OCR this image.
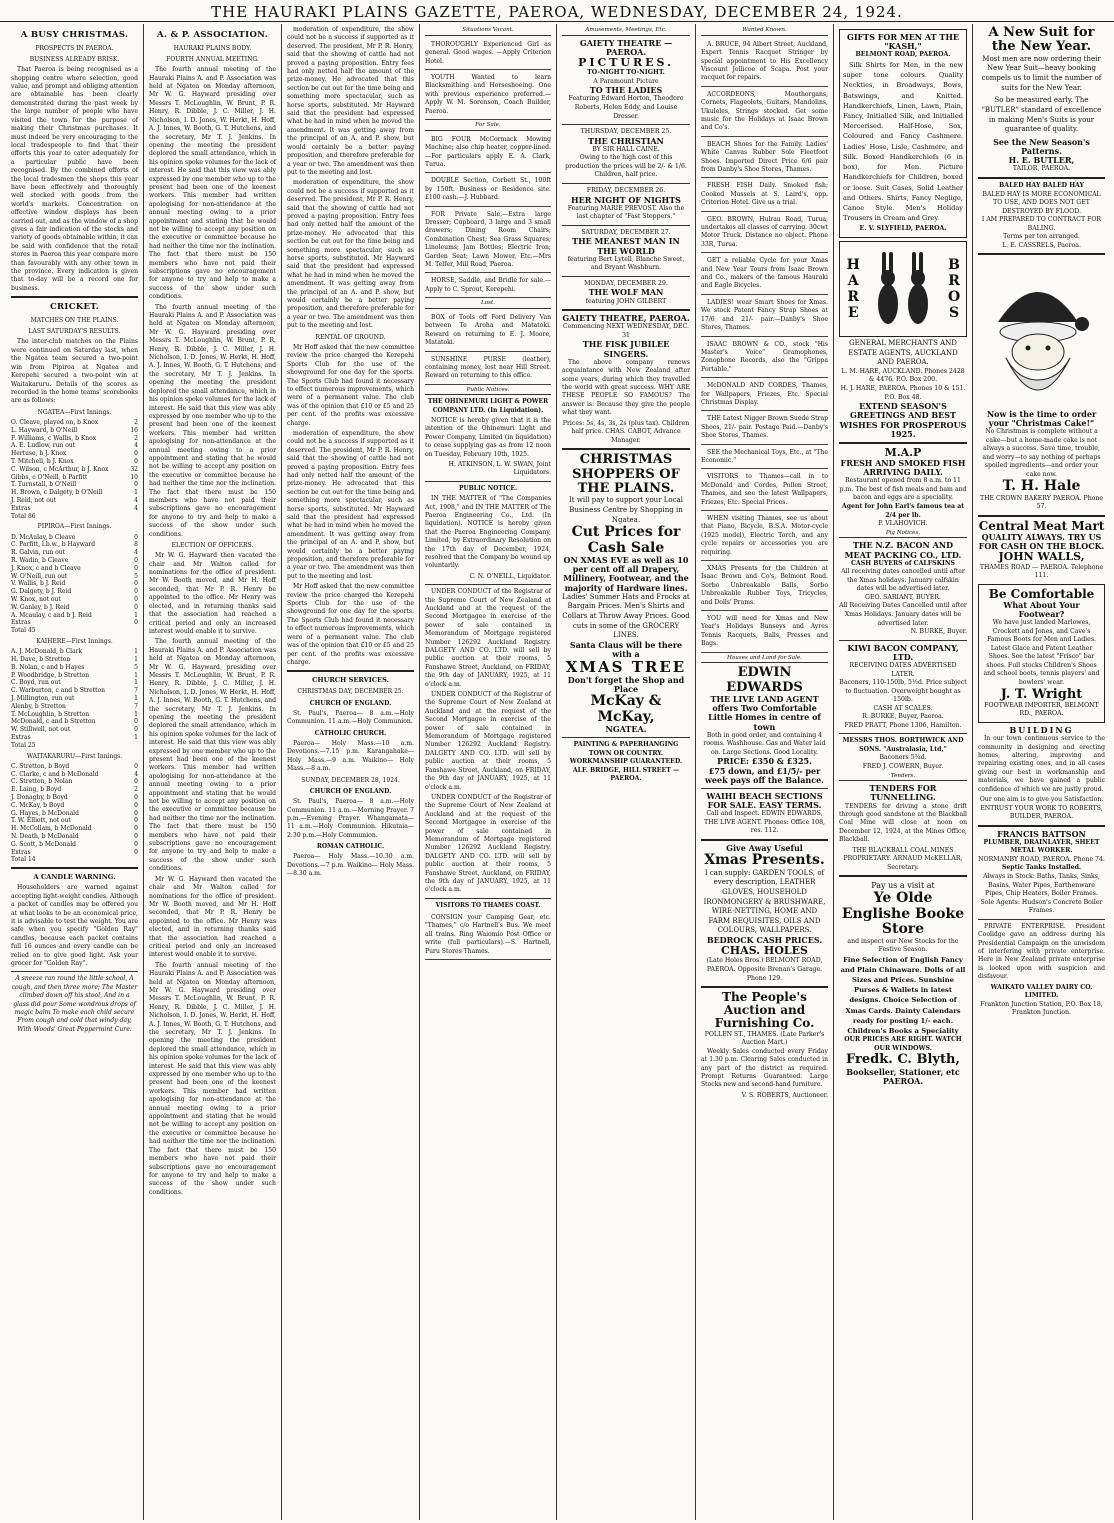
THE HAURAKI PLAINS GAZETTE, PAEROA, WEDNESDAY, DECEMBER 24, 1924.
A BUSY CHRISTMAS.
PROSPECTS IN PAEROA.
BUSINESS ALREADY BRISK.

That Paeroa is being recognised as a shopping centre where selection, good value, and prompt and obliging attention are obtainable has been clearly demonstrated during the past week by the large number of people who have visited the town for the purpose of making their Christmas purchases. It must indeed be very encouraging to the local tradespeople to find that their efforts this year to cater adequately for a particular public have been recognised. By the combined efforts of the local tradesmen the shops this year have been effectively and thoroughly well stocked with goods from the world's markets. Concentration on effective window displays has been carried out, and as the window of a shop gives a fair indication of the stocks and variety of goods obtainable within, it can be said with confidence that the retail stores in Paeroa this year compare more than favourably with any other town in the province. Every indication is given that to-day will be a record one for business.

CRICKET.
MATCHES ON THE PLAINS.
LAST SATURDAY'S RESULTS.

The inter-club matches on the Plains were continued on Saturday last, when the Ngatea team secured a two-point win from Pipiroa at Ngatea and Kerepehi secured a two-point win at Waitakaruru. Details of the scores as recorded in the home teams' scorebooks are as follows:

NGATEA—First Innings.
O. Cleave, played on, b Knox	2
L. Hayward, b O'Neill	16
F. Williams, c Wallis, b Knox	2
A. E. Ludlow, run out	4
Hertuse, b J. Knox	0
T. Mitchell, b J. Knox	0
C. Wilson, c McArthur, b J. Knox	32
Gibbs, c O'Neill, b Parfitt	10
T. Turnstall, b O'Neill	0
H. Brown, c Dalgety, b O'Neill	1
J. Reid, not out	4
Extras	4
Total 86
PIPIROA—First Innings.
D. McAulay, b Cleave	0
C. Parfitt, l.b.w., b Hayward	8
R. Galvin, run out	4
R. Wadin, b Cleave	0
J. Knox, c and b Cleave	0
W. O'Neill, run out	5
V. Wallis, b J. Reid	0
G. Dalgety, b J. Reid	0
W. Knox, not out	0
W. Ganley, b J. Reid	0
A. Mcaulay, c and b J. Reid	1
Extras	0
Total 45
KAIHERE—First Innings.
A. J. McDonald, b Clark	1
H. Dave, b Stretton	1
B. Nolan, c and b Hayes	5
P. Woodbridge, b Stretton	1
C. Boyd, run out	1
C. Warburton, c and b Stretton	7
J. Millington, run out	1
Alenby, b Stretton	7
T. McLoughlin, b Stretton	1
McDonald, c and b Stretton	0
W. Stillwell, not out	0
Extras	1
Total 25
WAITAKARURU—First Innings.
C. Stretton, b Boyd	0
C. Clarke, c and b McDonald	4
C. Stretton, b Nolan	0
E. Laing, b Boyd	2
J. Donaghy, b Boyd	0
C. McKay, b Boyd	0
G. Hayes, b McDonald	0
T. W. Elliott, not out	0
H. McCollam, b McDonald	0
N. Death, b McDonald	0
G. Scott, b McDonald	0
Extras	0
Total 14
A CANDLE WARNING.

Householders are warned against accepting light-weight candles. Although a packet of candles may be offered you at what looks to be an economical price, it is advisable to test the weight. You are safe when you specify "Golden Ray" candles, because each packet contains full 16 ounces and every candle can be relied on to give good light. Ask your grocer for "Golden Ray".

A sneeze ran round the little school, A cough, and then three more; The Master climbed down off his stool, And in a glass did pour Some wondrous drops of magic balm To make each child secure From cough and cold that windy day, With Woods' Great Peppermint Cure.

A. & P. ASSOCIATION.
HAURAKI PLAINS BODY.
FOURTH ANNUAL MEETING.

The fourth annual meeting of the Hauraki Plains A. and P. Association was held at Ngatea on Monday afternoon, Mr W. G. Hayward presiding over Messrs T. McLoughlin, W. Brunt, P. R. Henry, R. Dibble, J. C. Miller, J. H. Nicholson, I. D. Jones, W. Herkt, H. Hoff, A. J. Innes, W. Booth, G. T. Hutchens, and the secretary, Mr T. J. Jenkins. In opening the meeting the president deplored the small attendance, which in his opinion spoke volumes for the lack of interest. He said that this view was ably expressed by one member who up to the present had been one of the keenest workers. This member had written apologising for non-attendance at the annual meeting owing to a prior appointment and stating that he would not be willing to accept any position on the executive or committee because he had neither the time nor the inclination. The fact that there must be 150 members who have not paid their subscriptions gave no encouragement for anyone to try and help to make a success of the show under such conditions.

The fourth annual meeting of the Hauraki Plains A. and P. Association was held at Ngatea on Monday afternoon, Mr W. G. Hayward presiding over Messrs T. McLoughlin, W. Brunt, P. R. Henry, R. Dibble, J. C. Miller, J. H. Nicholson, I. D. Jones, W. Herkt, H. Hoff, A. J. Innes, W. Booth, G. T. Hutchens, and the secretary, Mr T. J. Jenkins. In opening the meeting the president deplored the small attendance, which in his opinion spoke volumes for the lack of interest. He said that this view was ably expressed by one member who up to the present had been one of the keenest workers. This member had written apologising for non-attendance at the annual meeting owing to a prior appointment and stating that he would not be willing to accept any position on the executive or committee because he had neither the time nor the inclination. The fact that there must be 150 members who have not paid their subscriptions gave no encouragement for anyone to try and help to make a success of the show under such conditions.

ELECTION OF OFFICERS.

Mr W. G. Hayward then vacated the chair and Mr Walton called for nominations for the office of president. Mr W. Booth moved, and Mr H. Hoff seconded, that Mr P. R. Henry be appointed to the office. Mr Henry was elected, and in returning thanks said that the association had reached a critical period and only an increased interest would enable it to survive.

The fourth annual meeting of the Hauraki Plains A. and P. Association was held at Ngatea on Monday afternoon, Mr W. G. Hayward presiding over Messrs T. McLoughlin, W. Brunt, P. R. Henry, R. Dibble, J. C. Miller, J. H. Nicholson, I. D. Jones, W. Herkt, H. Hoff, A. J. Innes, W. Booth, G. T. Hutchens, and the secretary, Mr T. J. Jenkins. In opening the meeting the president deplored the small attendance, which in his opinion spoke volumes for the lack of interest. He said that this view was ably expressed by one member who up to the present had been one of the keenest workers. This member had written apologising for non-attendance at the annual meeting owing to a prior appointment and stating that he would not be willing to accept any position on the executive or committee because he had neither the time nor the inclination. The fact that there must be 150 members who have not paid their subscriptions gave no encouragement for anyone to try and help to make a success of the show under such conditions.

Mr W. G. Hayward then vacated the chair and Mr Walton called for nominations for the office of president. Mr W. Booth moved, and Mr H. Hoff seconded, that Mr P. R. Henry be appointed to the office. Mr Henry was elected, and in returning thanks said that the association had reached a critical period and only an increased interest would enable it to survive.

The fourth annual meeting of the Hauraki Plains A. and P. Association was held at Ngatea on Monday afternoon, Mr W. G. Hayward presiding over Messrs T. McLoughlin, W. Brunt, P. R. Henry, R. Dibble, J. C. Miller, J. H. Nicholson, I. D. Jones, W. Herkt, H. Hoff, A. J. Innes, W. Booth, G. T. Hutchens, and the secretary, Mr T. J. Jenkins. In opening the meeting the president deplored the small attendance, which in his opinion spoke volumes for the lack of interest. He said that this view was ably expressed by one member who up to the present had been one of the keenest workers. This member had written apologising for non-attendance at the annual meeting owing to a prior appointment and stating that he would not be willing to accept any position on the executive or committee because he had neither the time nor the inclination. The fact that there must be 150 members who have not paid their subscriptions gave no encouragement for anyone to try and help to make a success of the show under such conditions.

moderation of expenditure, the show could not be a success if supported as it deserved. The president, Mr P. R. Henry, said that the showing of cattle had not proved a paying proposition. Entry fees had only netted half the amount of the prize-money. He advocated that this section be cut out for the time being and something more spectacular, such as horse sports, substituted. Mr Hayward said that the president had expressed what he had in mind when he moved the amendment. It was getting away from the principal of an A. and P. show, but would certainly be a better paying proposition, and therefore preferable for a year or two. The amendment was then put to the meeting and lost.

moderation of expenditure, the show could not be a success if supported as it deserved. The president, Mr P. R. Henry, said that the showing of cattle had not proved a paying proposition. Entry fees had only netted half the amount of the prize-money. He advocated that this section be cut out for the time being and something more spectacular, such as horse sports, substituted. Mr Hayward said that the president had expressed what he had in mind when he moved the amendment. It was getting away from the principal of an A. and P. show, but would certainly be a better paying proposition, and therefore preferable for a year or two. The amendment was then put to the meeting and lost.

RENTAL OF GROUND.

Mr Hoff asked that the new committee review the price charged the Kerepehi Sports Club for the use of the showground for one day for the sports. The Sports Club had found it necessary to effect numerous improvements, which were of a permanent value. The club was of the opinion that £10 or £5 and 25 per cent. of the profits was excessive charge.

moderation of expenditure, the show could not be a success if supported as it deserved. The president, Mr P. R. Henry, said that the showing of cattle had not proved a paying proposition. Entry fees had only netted half the amount of the prize-money. He advocated that this section be cut out for the time being and something more spectacular, such as horse sports, substituted. Mr Hayward said that the president had expressed what he had in mind when he moved the amendment. It was getting away from the principal of an A. and P. show, but would certainly be a better paying proposition, and therefore preferable for a year or two. The amendment was then put to the meeting and lost.

Mr Hoff asked that the new committee review the price charged the Kerepehi Sports Club for the use of the showground for one day for the sports. The Sports Club had found it necessary to effect numerous improvements, which were of a permanent value. The club was of the opinion that £10 or £5 and 25 per cent. of the profits was excessive charge.

CHURCH SERVICES.
CHRISTMAS DAY, DECEMBER 25.
CHURCH OF ENGLAND.

St. Paul's, Paeroa— 8 a.m.—Holy Communion. 11 a.m.—Holy Communion.

CATHOLIC CHURCH.

Paeroa— Holy Mass.—10 a.m. Devotions.—7.15 p.m. Karangahake— Holy Mass.—9 a.m. Waikino— Holy Mass.—8 a.m.

SUNDAY, DECEMBER 28, 1924.
CHURCH OF ENGLAND.

St. Paul's, Paeroa— 8 a.m.—Holy Communion. 11 a.m.—Morning Prayer. 7 p.m.—Evening Prayer. Whangamata— 11 a.m.—Holy Communion. Hikutaia— 2.30 p.m.—Holy Communion.

ROMAN CATHOLIC.

Paeroa— Holy Mass.—10.30 a.m. Devotions.—7 p.m. Waikino— Holy Mass.—8.30 a.m.

Situations Vacant.

THOROUGHLY Experienced Girl as general. Good wages. —Apply Criterion Hotel.

YOUTH Wanted to learn Blacksmithing and Horseshoeing. One with previous experience preferred.—Apply W. M. Sorenson, Coach Builder, Paeroa.

For Sale.

BIG FOUR McCormack Mowing Machine; also chip heater, copper-lined.—For particulars apply E. A. Clark, Turua.

DOUBLE Section, Corbett St., 100ft by 150ft. Business or Residence site. £100 cash.—J. Hubbard.

FOR Private Sale.—Extra large Dresser; Cupboard, 3 large and 3 small drawers; Dining Room Chairs; Combination Chest; Sea Grass Squares; Linoleums; Jam Bottles; Electric Iron; Garden Seat; Lawn Mower, Etc.—Mrs M. Telfer, Mill Road, Paeroa.

HORSE, Saddle, and Bridle for sale.—Apply to C. Sprout, Kerepehi.

Lost.

BOX of Tools off Ford Delivery Van between Te Aroha and Matatoki. Reward on returning to E. J. Moore, Matatoki.

SUNSHINE PURSE (leather), containing money, lost near Hill Street. Reward on returning to this office.

Public Notices.
THE OHINEMURI LIGHT & POWER COMPANY LTD. (In Liquidation).

NOTICE is hereby given that it is the intention of the Ohinemuri Light and Power Company, Limited (in liquidation) to cease supplying gas as from 12 noon on Tuesday, February 10th, 1925.

H. ATKINSON, L. W. SWAN, Joint Liquidators.

PUBLIC NOTICE.

IN THE MATTER of "The Companies Act, 1908," and IN THE MATTER of The Paeroa Engineering Co., Ltd. (In liquidation). NOTICE is hereby given that the Paeroa Engineering Company, Limited, by Extraordinary Resolution on the 17th day of December, 1924, resolved that the Company be wound up voluntarily.

C. N. O'NEILL, Liquidator.

UNDER CONDUCT of the Registrar of the Supreme Court of New Zealand at Auckland and at the request of the Second Mortgagee in exercise of the power of sale contained in Memorandum of Mortgage registered Number 126292 Auckland Registry. DALGETY AND CO. LTD. will sell by public auction at their rooms, 5 Fanshawe Street, Auckland, on FRIDAY, the 9th day of JANUARY, 1925, at 11 o'clock a.m.

UNDER CONDUCT of the Registrar of the Supreme Court of New Zealand at Auckland and at the request of the Second Mortgagee in exercise of the power of sale contained in Memorandum of Mortgage registered Number 126292 Auckland Registry. DALGETY AND CO. LTD. will sell by public auction at their rooms, 5 Fanshawe Street, Auckland, on FRIDAY, the 9th day of JANUARY, 1925, at 11 o'clock a.m.

UNDER CONDUCT of the Registrar of the Supreme Court of New Zealand at Auckland and at the request of the Second Mortgagee in exercise of the power of sale contained in Memorandum of Mortgage registered Number 126292 Auckland Registry. DALGETY AND CO. LTD. will sell by public auction at their rooms, 5 Fanshawe Street, Auckland, on FRIDAY, the 9th day of JANUARY, 1925, at 11 o'clock a.m.

VISITORS TO THAMES COAST.

CONSIGN your Camping Gear, etc. "Thames," c/o Hartnell's Bus. We meet all trains. Ring Waiomio Post Office or write (full particulars).—S. Hartnell, Puru Stores Thames.

Amusements, Meetings, Etc.
GAIETY THEATRE — PAEROA.
PICTURES.
TO-NIGHT TO-NIGHT.
A Paramount Picture
TO THE LADIES
Featuring Edward Horton, Theodore Roberts, Helen Eddy, and Louise Dresser.
THURSDAY, DECEMBER 25.
THE CHRISTIAN
BY SIR HALL CAINE.
Owing to the high cost of this production the prices will be 2/- & 1/6. Children, half price.
FRIDAY, DECEMBER 26.
HER NIGHT OF NIGHTS
Featuring MARIE PREVOST. Also the last chapter of "Fast Steppers."
SATURDAY, DECEMBER 27.
THE MEANEST MAN IN THE WORLD
featuring Bert Lytell, Blanche Sweet, and Bryant Washburn.
MONDAY, DECEMBER 29.
THE WOLF MAN
featuring JOHN GILBERT
GAIETY THEATRE, PAEROA.
Commencing NEXT WEDNESDAY, DEC. 31
THE FISK JUBILEE SINGERS.

The above company renews acquaintance with New Zealand after some years, during which they travelled the world with great success. WHY ARE THESE PEOPLE SO FAMOUS? The answer is: Because they give the people what they want.

Prices: 5s, 4s, 3s, 2s (plus tax). Children half price. CHAS. CABOT, Advance Manager.
CHRISTMAS SHOPPERS OF THE PLAINS.
It will pay to support your Local Business Centre by Shopping in Ngatea.
Cut Prices for Cash Sale
ON XMAS EVE as well as 10 per cent off all Drapery, Millinery, Footwear, and the majority of Hardware lines.
Ladies' Summer Hats and Frocks at Bargain Prices. Men's Shirts and Collars at Throw Away Prices. Good cuts in some of the GROCERY LINES.
Santa Claus will be there with a
XMAS TREE
Don't forget the Shop and Place
McKay & McKay,
NGATEA.
PAINTING & PAPERHANGING TOWN OR COUNTRY. WORKMANSHIP GUARANTEED.
ALF. BRIDGE, HILL STREET — PAEROA.
Wanted Known.

A. BRUCE, 94 Albert Street, Auckland, Expert Tennis Racquet Stringer by special appointment to His Excellency Viscount Jellicoe of Scapa. Post your racquet for repairs.

ACCORDEONS, Mouthorgans, Cornets, Flageolets, Guitars, Mandolins, Ukuleles, Strings stocked. Get some music for the Holidays at Isaac Brown and Co's.

BEACH Shoes for the Family. Ladies' White Canvas Rubber Sole Fleetfoot Shoes. Imported Direct Price 6/6 pair from Danby's Shoe Stores, Thames.

FRESH FISH Daily. Smoked fish; Cooked Mussels at S. Laird's, opp. Criterion Hotel. Give us a trial.

GEO. BROWN, Hulrau Road, Turua, undertakes all classes of carrying. 30cwt Motor Truck. Distance no object. Phone 33R, Turua.

GET a reliable Cycle for your Xmas and New Year Tours from Isaac Brown and Co., makers of the famous Hauraki and Eagle Bicycles.

LADIES! wear Smart Shoes for Xmas. We stock Patent Fancy Strap Shoes at 17/6 and 21/- pair.—Danby's Shoe Stores, Thames.

ISAAC BROWN & CO., stock "His Master's Voice" Gramophones, Zonophone Records, also the "Grippa Portable."

McDONALD AND CORDES, Thames, for Wallpapers, Friezes, Etc. Special Christmas Display.

THE Latest Nigger Brown Suede Strap Shoes, 21/- pair. Postage Paid.—Danby's Shoe Stores, Thames.

SEE the Mechanical Toys, Etc., at "The Economic."

VISITORS to Thames—call in to McDonald and Cordes, Pollen Street, Thames, and see the latest Wallpapers, Friezes, Etc. Special Prices.

WHEN visiting Thames, see us about that Piano, Bicycle, B.S.A. Motor-cycle (1925 model), Electric Torch, and any cycle repairs or accessories you are requiring.

XMAS Presents for the Children at Isaac Brown and Co's, Belmont Road. Sorbo Unbreakable Balls, Sorbo Unbreakable Rubber Toys, Tricycles, and Dolls' Prams.

YOU will need for Xmas and New Year's Holidays Bunseys and Ayres Tennis Racquets, Balls, Presses and Bags.

Houses and Land for Sale.
EDWIN EDWARDS
THE LIVE LAND AGENT
offers Two Comfortable Little Homes in centre of town
Both in good order, and containing 4 rooms. Washhouse. Gas and Water laid on. Large Sections. Good Locality.
PRICE: £350 & £325.
£75 down, and £1/5/- per week pays off the Balance.
WAIHI BEACH SECTIONS FOR SALE. EASY TERMS.
Call and Inspect. EDWIN EDWARDS, THE LIVE AGENT. Phones: Office 108, res. 112.
Give Away Useful
Xmas Presents.
I can supply: GARDEN TOOLS, of every description, LEATHER GLOVES, HOUSEHOLD IRONMONGERY & BRUSHWARE, WIRE-NETTING, HOME AND FARM REQUISITES, OILS AND COLOURS, WALLPAPERS.
BEDROCK CASH PRICES.
CHAS. HOLES
(Late Holes Bros.) BELMONT ROAD, PAEROA. Opposite Brenan's Garage. Phone 129.
The People's Auction and Furnishing Co.
POLLEN ST., THAMES. (Late Parker's Auction Mart.)

Weekly Sales conducted every Friday at 1.30 p.m. Clearing Sales conducted in any part of the district as required. Prompt Returns Guaranteed. Large Stocks new and second-hand furniture.

V. S. ROBERTS, Auctioneer.
GIFTS FOR MEN AT THE "KASH,"
BELMONT ROAD, PAEROA.

Silk Shirts for Men, in the new super tone colours. Quality Neckties, in Broadways, Bows, Batswings, and Knitted. Handkerchiefs, Linen, Lawn, Plain, Fancy, Initialled Silk, and Initialled Mercerised. Half-Hose, Sox, Coloured and Fancy Cashmere. Ladies' Hose, Lisle, Cashmere, and Silk. Boxed Handkerchiefs (6 in box), for Men. Picture Handkerchiefs for Children, boxed or loose. Suit Cases, Solid Leather and Others. Shirts, Fancy Neglige, Canoe Style. Men's Holiday Trousers in Cream and Grey.

E. V. SLYFIELD, PAEROA.
HARE	BROS
GENERAL MERCHANTS AND ESTATE AGENTS, AUCKLAND AND PAEROA.
L. M. HARE, AUCKLAND. Phones 2428 & 4476. P.O. Box 200.
H. J. HARE, PAEROA. Phones 10 & 151. P.O. Box 48.
EXTEND SEASON'S GREETINGS AND BEST WISHES FOR PROSPEROUS 1925.
M.A.P
FRESH AND SMOKED FISH ARRIVING DAILY.
Restaurant opened from 8 a.m. to 11 p.m. The best of fish meals and ham and bacon and eggs are a speciality.
Agent for John Earl's famous tea at 2/4 per lb.
P. VLAHOVICH.
Pig Notices.
THE N.Z. BACON AND MEAT PACKING CO., LTD.
CASH BUYERS of CALFSKINS
All receiving dates cancelled until after the Xmas holidays. January calfskin dates will be advertised later.
GEO. SARIANT, BUYER.
All Receiving Dates Cancelled until after Xmas Holidays. January dates will be advertised later.
N. BURKE, Buyer.
KIWI BACON COMPANY, LTD.
RECEIVING DATES ADVERTISED LATER.
Baconers, 110-150lb, 5½d. Price subject to fluctuation. Overweight bought as 150lb.
CASH AT SCALES.
R. BURKE, Buyer, Paeroa.
FRED PRATT, Phone 1306, Hamilton.
MESSRS THOS. BORTHWICK AND SONS. "Australasia, Ltd,"
Baconers 5¾d.
FRED J. COWERN, Buyer.
Tenders.
TENDERS FOR TUNNELLING.

TENDERS for driving a stone drift through good sandstone at the Blackball Coal Mine will close at noon on December 12, 1924, at the Mines Office, Blackball.

THE BLACKBALL COAL MINES PROPRIETARY. ARNAUD McKELLAR, Secretary.
Pay us a visit at
Ye Olde Englishe Booke Store
and inspect our New Stocks for the Festive Season.
Fine Selection of English Fancy and Plain Chinaware. Dolls of all Sizes and Prices. Sunshine Purses & Wallets in latest designs. Choice Selection of Xmas Cards. Dainty Calendars ready for posting 1/- each. Children's Books a Speciality
OUR PRICES ARE RIGHT. WATCH OUR WINDOWS.
Fredk. C. Blyth,
Bookseller, Stationer, etc PAEROA.
A New Suit for the New Year.
Most men are now ordering their New Year Suit—heavy booking compels us to limit the number of suits for the New Year.
So be measured early. The "BUTLER" standard of excellence in making Men's Suits is your guarantee of quality.
See the New Season's Patterns.
H. E. BUTLER,
TAILOR, PAEROA.
BALED HAY BALED HAY
BALED HAY IS MORE ECONOMICAL TO USE, AND DOES NOT GET DESTROYED BY FLOOD.
I AM PREPARED TO CONTRACT FOR BALING.
Terms per ton arranged.
L. E. CASSRELS, Paeroa.
Now is the time to order your "Christmas Cake!"
No Christmas is complete without a cake—but a home-made cake is not always a success. Save time, trouble, and worry—to say nothing of perhaps spoiled ingredients—and order your cake now.
T. H. Hale
THE CROWN BAKERY PAEROA. Phone 57.
Central Meat Mart
QUALITY ALWAYS. TRY US FOR CASH ON THE BLOCK.
JOHN WALLS,
THAMES ROAD — PAEROA. Telephone 111.
Be Comfortable
What About Your Footwear?
We have just landed Marlowes, Crockett and Jones, and Cave's Famous Boots for Men and Ladies. Latest Glace and Patent Leather Shoes. See the latest "Frisco" bar shoes. Full stocks Children's Shoes and school boots, tennis players' and bowlers' wear.
J. T. Wright
FOOTWEAR IMPORTER, BELMONT RD., PAEROA.
BUILDING

In our town continuous service to the community in designing and erecting homes, altering, improving and repairing existing ones, and in all cases giving our best in workmanship and materials, we have gained a public confidence of which we are justly proud.

Our one aim is to give you Satisfaction.
ENTRUST YOUR WORK TO ROBERTS, BUILDER, PAEROA.
FRANCIS BATTSON
PLUMBER, DRAINLAYER, SHEET METAL WORKER.
NORMANBY ROAD, PAEROA. Phone 74.
Septic Tanks Installed.
Always in Stock: Baths, Tanks, Sinks, Basins, Water Pipes, Earthenware Pipes, Chip Heaters, Boiler Frames.
Sole Agents: Hudson's Concrete Boiler Frames.

PRIVATE ENTERPRISE. President Coolidge gave an address during his Presidential Campaign on the unwisdom of interfering with private enterprise. Here in New Zealand private enterprise is looked upon with suspicion and disfavour.

WAIKATO VALLEY DAIRY CO. LIMITED.
Frankton Junction Station, P.O. Box 18, Frankton Junction.
